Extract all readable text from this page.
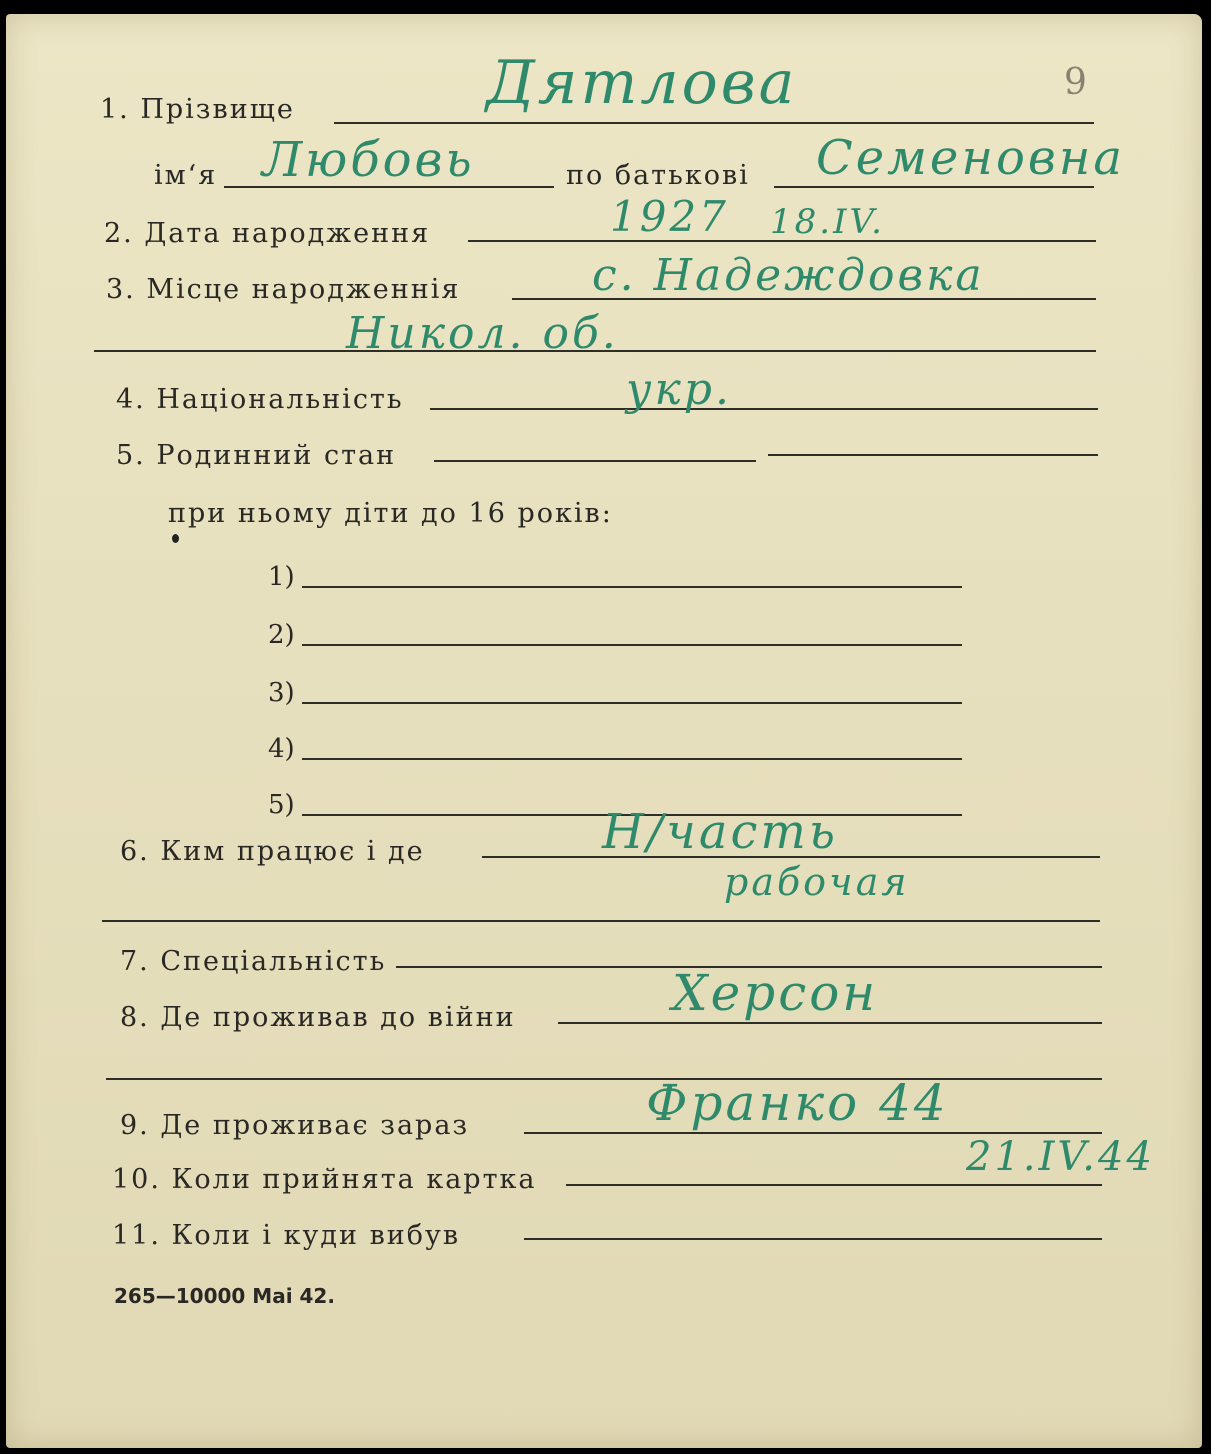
1. Прізвище	Дятлова	9
ім‘я Любовь	по батькові Семеновна
2. Дата народження	1927 18.IV.
3. Місце народженнія	с. Надеждовка
Никол. об.
4. Національність	укр.
5. Родинний стан
при ньому діти до 16 років:
1)
2)
3)
4)
5)
6. Ким працює і де	Н/часть
рабочая
7. Спеціальність
8. Де проживав до війни	Херсон
9. Де проживає зараз	Франко 44
10. Коли прийнята картка	21.IV.44
11. Коли і куди вибув
265—10000 Mai 42.
